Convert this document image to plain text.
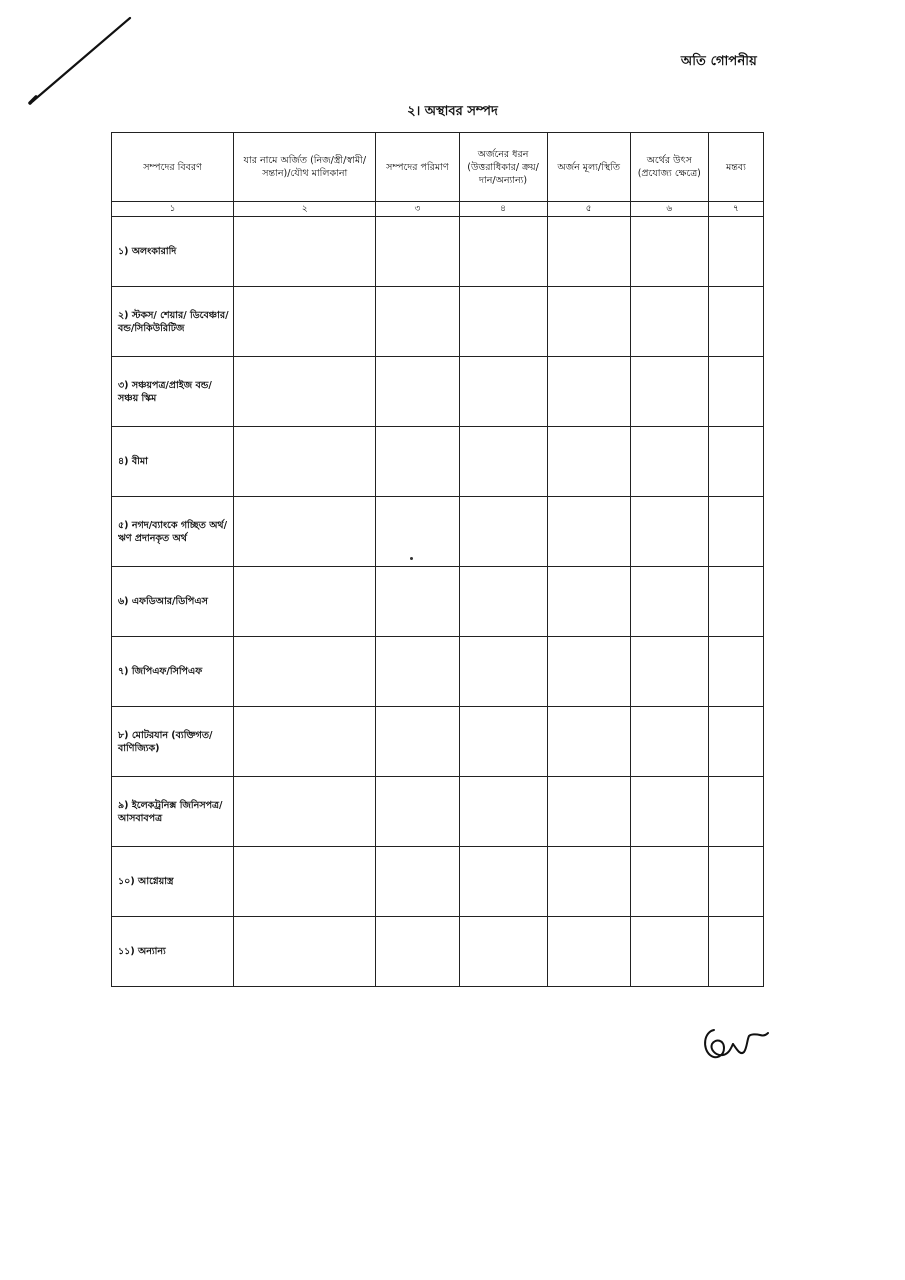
অতি গোপনীয়
২। অস্থাবর সম্পদ
সম্পদের বিবরণ	যার নামে অর্জিত (নিজ/স্ত্রী/স্বামী/সন্তান)/যৌথ মালিকানা	সম্পদের পরিমাণ	অর্জনের ধরন (উত্তরাধিকার/ ক্রয়/দান/অন্যান্য)	অর্জন মূল্য/স্থিতি	অর্থের উৎস (প্রযোজ্য ক্ষেত্রে)	মন্তব্য
১	২	৩	৪	৫	৬	৭
১) অলংকারাদি						
২) স্টকস/ শেয়ার/ ডিবেঞ্চার/বন্ড/সিকিউরিটিজ						
৩) সঞ্চয়পত্র/প্রাইজ বন্ড/ সঞ্চয় স্কিম						
৪) বীমা						
৫) নগদ/ব্যাংকে গচ্ছিত অর্থ/ ঋণ প্রদানকৃত অর্থ						
৬) এফডিআর/ডিপিএস						
৭) জিপিএফ/সিপিএফ						
৮) মোটরযান (ব্যক্তিগত/বাণিজ্যিক)						
৯) ইলেকট্রনিক্স জিনিসপত্র/আসবাবপত্র						
১০) আগ্নেয়াস্ত্র						
১১) অন্যান্য						
